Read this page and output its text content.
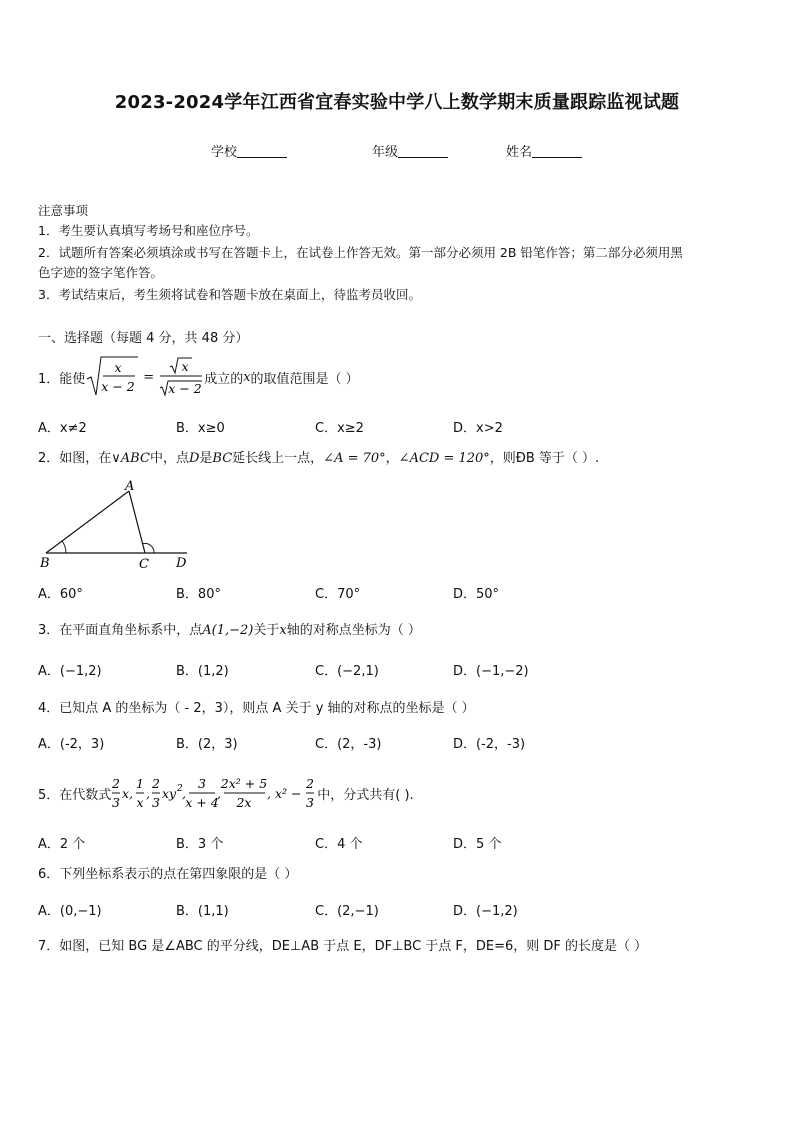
2023-2024学年江西省宜春实验中学八上数学期末质量跟踪监视试题
学校	年级	姓名
注意事项
1．考生要认真填写考场号和座位序号。
2．试题所有答案必须填涂或书写在答题卡上，在试卷上作答无效。第一部分必须用 2B 铅笔作答；第二部分必须用黑
色字迹的签字笔作答。
3．考试结束后，考生须将试卷和答题卡放在桌面上，待监考员收回。
一、选择题（每题 4 分，共 48 分）
1．能使
x
x − 2
=
x
x − 2
成立的 x 的取值范围是（ ）
A．x≠2	B．x≥0	C．x≥2	D．x>2
2．如图，在∨ABC中，点D是BC延长线上一点，∠A = 70°，∠ACD = 120°，则ÐB 等于（ ）.
A
B	C D
A．60°	B．80°	C．70°	D．50°
3．在平面直角坐标系中，点A(1,−2)关于x轴的对称点坐标为（ ）
A．(−1,2)	B．(1,2)	C．(−2,1)	D．(−1,−2)
4．已知点 A 的坐标为（ - 2，3），则点 A 关于 y 轴的对称点的坐标是（ ）
A．(-2，3)	B．(2，3)	C．(2，-3)	D．(-2，-3)
5．在代数式
2
3
x,
1
x
,
2
3
xy 2 ,
3
x + 4
,
2x² + 5
2x
, x² −
2
3 中，分式共有( ).
A．2 个	B．3 个	C．4 个	D．5 个
6．下列坐标系表示的点在第四象限的是（ ）
A．(0,−1)	B．(1,1)	C．(2,−1)	D．(−1,2)
7．如图，已知 BG 是∠ABC 的平分线，DE⊥AB 于点 E，DF⊥BC 于点 F，DE=6，则 DF 的长度是（ ）
